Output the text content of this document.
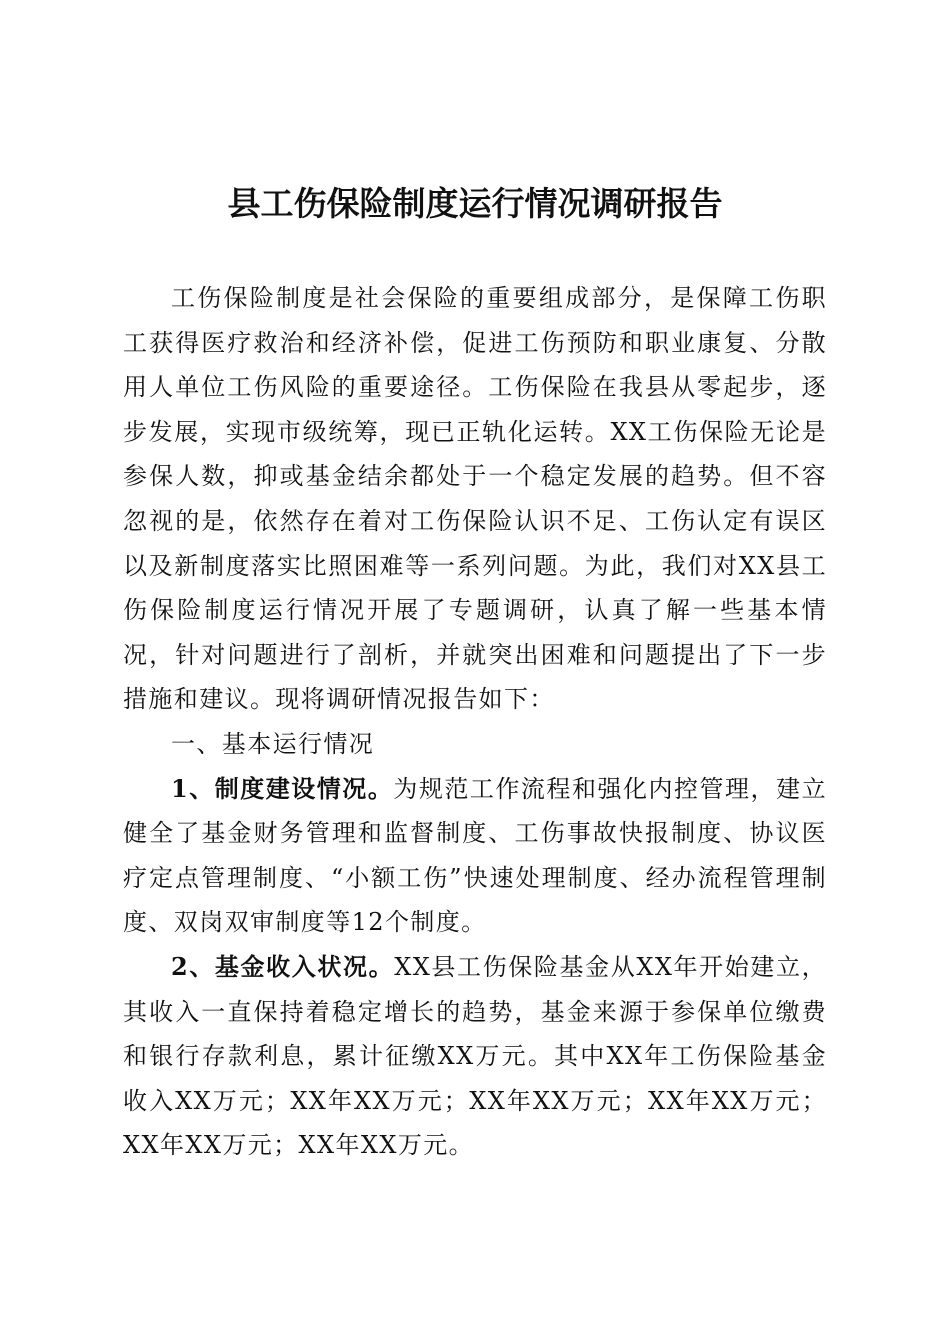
县工伤保险制度运行情况调研报告

工伤保险制度是社会保险的重要组成部分，是保障工伤职工获得医疗救治和经济补偿，促进工伤预防和职业康复、分散用人单位工伤风险的重要途径。工伤保险在我县从零起步，逐步发展，实现市级统筹，现已正轨化运转。XX工伤保险无论是参保人数，抑或基金结余都处于一个稳定发展的趋势。但不容忽视的是，依然存在着对工伤保险认识不足、工伤认定有误区以及新制度落实比照困难等一系列问题。为此，我们对XX县工伤保险制度运行情况开展了专题调研，认真了解一些基本情况，针对问题进行了剖析，并就突出困难和问题提出了下一步措施和建议。现将调研情况报告如下：

一、基本运行情况

1、制度建设情况。为规范工作流程和强化内控管理，建立健全了基金财务管理和监督制度、工伤事故快报制度、协议医疗定点管理制度、“小额工伤”快速处理制度、经办流程管理制度、双岗双审制度等12个制度。

2、基金收入状况。XX县工伤保险基金从XX年开始建立，其收入一直保持着稳定增长的趋势，基金来源于参保单位缴费和银行存款利息，累计征缴XX万元。其中XX年工伤保险基金收入XX万元；XX年XX万元；XX年XX万元；XX年XX万元；XX年XX万元；XX年XX万元。
